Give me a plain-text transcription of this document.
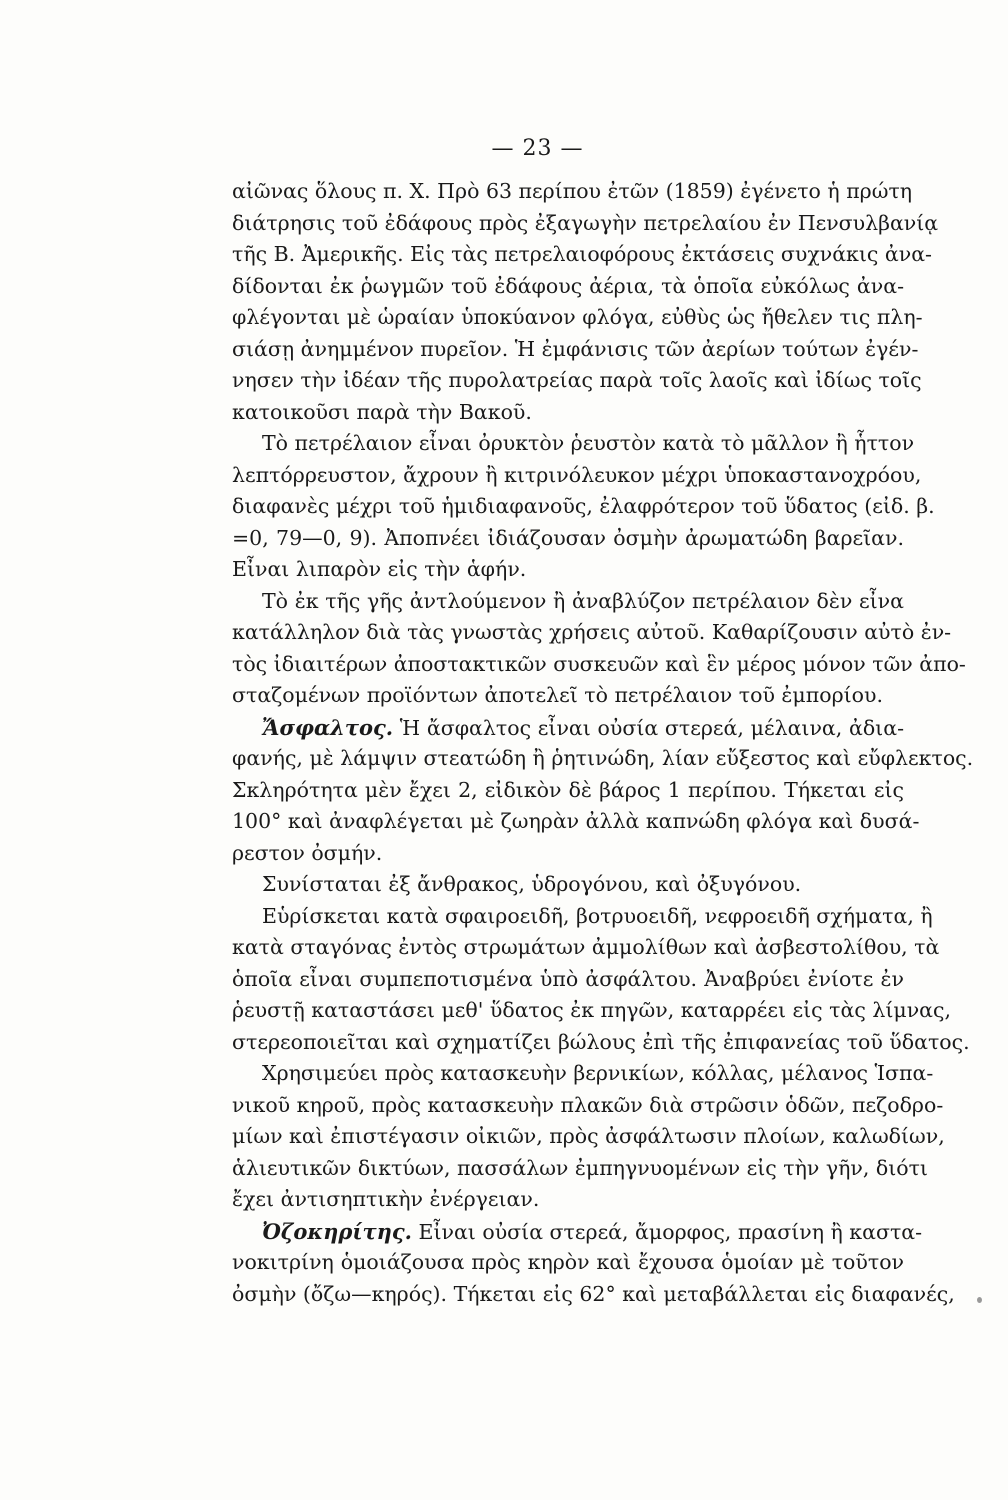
— 23 —
αἰῶνας ὅλους π. Χ. Πρὸ 63 περίπου ἐτῶν (1859) ἐγένετο ἡ πρώτη
διάτρησις τοῦ ἐδάφους πρὸς ἐξαγωγὴν πετρελαίου ἐν Πενσυλβανίᾳ
τῆς Β. Ἀμερικῆς. Εἰς τὰς πετρελαιοφόρους ἐκτάσεις συχνάκις ἀνα-
δίδονται ἐκ ῥωγμῶν τοῦ ἐδάφους ἀέρια, τὰ ὁποῖα εὐκόλως ἀνα-
φλέγονται μὲ ὡραίαν ὑποκύανον φλόγα, εὐθὺς ὡς ἤθελεν τις πλη-
σιάσῃ ἀνημμένον πυρεῖον. Ἡ ἐμφάνισις τῶν ἀερίων τούτων ἐγέν-
νησεν τὴν ἰδέαν τῆς πυρολατρείας παρὰ τοῖς λαοῖς καὶ ἰδίως τοῖς
κατοικοῦσι παρὰ τὴν Βακοῦ.
Τὸ πετρέλαιον εἶναι ὀρυκτὸν ῥευστὸν κατὰ τὸ μᾶλλον ἢ ἧττον
λεπτόρρευστον, ἄχρουν ἢ κιτρινόλευκον μέχρι ὑποκαστανοχρόου,
διαφανὲς μέχρι τοῦ ἡμιδιαφανοῦς, ἐλαφρότερον τοῦ ὕδατος (εἰδ. β.
=0, 79—0, 9). Ἀποπνέει ἰδιάζουσαν ὀσμὴν ἀρωματώδη βαρεῖαν.
Εἶναι λιπαρὸν εἰς τὴν ἁφήν.
Τὸ ἐκ τῆς γῆς ἀντλούμενον ἢ ἀναβλύζον πετρέλαιον δὲν εἶνα
κατάλληλον διὰ τὰς γνωστὰς χρήσεις αὐτοῦ. Καθαρίζουσιν αὐτὸ ἐν-
τὸς ἰδιαιτέρων ἀποστακτικῶν συσκευῶν καὶ ἓν μέρος μόνον τῶν ἀπο-
σταζομένων προϊόντων ἀποτελεῖ τὸ πετρέλαιον τοῦ ἐμπορίου.
Ἄσφαλτος. Ἡ ἄσφαλτος εἶναι οὐσία στερεά, μέλαινα, ἀδια-
φανής, μὲ λάμψιν στεατώδη ἢ ῥητινώδη, λίαν εὔξεστος καὶ εὔφλεκτος.
Σκληρότητα μὲν ἔχει 2, εἰδικὸν δὲ βάρος 1 περίπου. Τήκεται εἰς
100° καὶ ἀναφλέγεται μὲ ζωηρὰν ἀλλὰ καπνώδη φλόγα καὶ δυσά-
ρεστον ὀσμήν.
Συνίσταται ἐξ ἄνθρακος, ὑδρογόνου, καὶ ὀξυγόνου.
Εὑρίσκεται κατὰ σφαιροειδῆ, βοτρυοειδῆ, νεφροειδῆ σχήματα, ἢ
κατὰ σταγόνας ἐντὸς στρωμάτων ἀμμολίθων καὶ ἀσβεστολίθου, τὰ
ὁποῖα εἶναι συμπεποτισμένα ὑπὸ ἀσφάλτου. Ἀναβρύει ἐνίοτε ἐν
ῥευστῇ καταστάσει μεθ' ὕδατος ἐκ πηγῶν, καταρρέει εἰς τὰς λίμνας,
στερεοποιεῖται καὶ σχηματίζει βώλους ἐπὶ τῆς ἐπιφανείας τοῦ ὕδατος.
Χρησιμεύει πρὸς κατασκευὴν βερνικίων, κόλλας, μέλανος Ἱσπα-
νικοῦ κηροῦ, πρὸς κατασκευὴν πλακῶν διὰ στρῶσιν ὁδῶν, πεζοδρο-
μίων καὶ ἐπιστέγασιν οἰκιῶν, πρὸς ἀσφάλτωσιν πλοίων, καλωδίων,
ἁλιευτικῶν δικτύων, πασσάλων ἐμπηγνυομένων εἰς τὴν γῆν, διότι
ἔχει ἀντισηπτικὴν ἐνέργειαν.
Ὀζοκηρίτης. Εἶναι οὐσία στερεά, ἄμορφος, πρασίνη ἢ καστα-
νοκιτρίνη ὁμοιάζουσα πρὸς κηρὸν καὶ ἔχουσα ὁμοίαν μὲ τοῦτον
ὀσμὴν (ὄζω—κηρός). Τήκεται εἰς 62° καὶ μεταβάλλεται εἰς διαφανές,
